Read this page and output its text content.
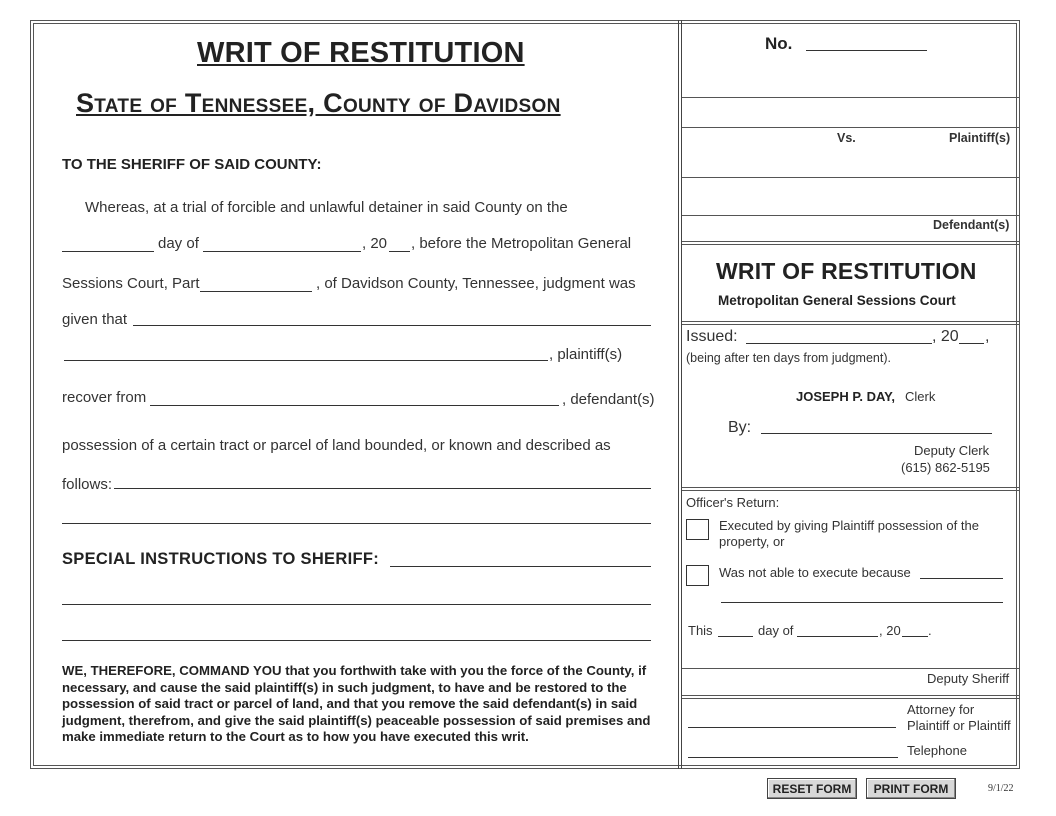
WRIT OF RESTITUTION
State of Tennessee, County of Davidson
TO THE SHERIFF OF SAID COUNTY:
Whereas, at a trial of forcible and unlawful detainer in said County on the
day of	, 20 , before the Metropolitan General
Sessions Court, Part	, of Davidson County, Tennessee, judgment was
given that
, plaintiff(s)
recover from	, defendant(s)
possession of a certain tract or parcel of land bounded, or known and described as
follows:
SPECIAL INSTRUCTIONS TO SHERIFF:
WE, THEREFORE, COMMAND YOU that you forthwith take with you the force of the County, if necessary, and cause the said plaintiff(s) in such judgment, to have and be restored to the possession of said tract or parcel of land, and that you remove the said defendant(s) in said judgment, therefrom, and give the said plaintiff(s) peaceable possession of said premises and make immediate return to the Court as to how you have executed this writ.
No.
Vs.	Plaintiff(s)
Defendant(s)
WRIT OF RESTITUTION
Metropolitan General Sessions Court
Issued:	, 20 ,
(being after ten days from judgment).
JOSEPH P. DAY, Clerk
By:
Deputy Clerk
(615) 862-5195
Officer's Return:
Executed by giving Plaintiff possession of the property, or
Was not able to execute because
This	day of	, 20 .
Deputy Sheriff
Attorney for
Plaintiff or Plaintiff
Telephone
RESET FORM	PRINT FORM	9/1/22
